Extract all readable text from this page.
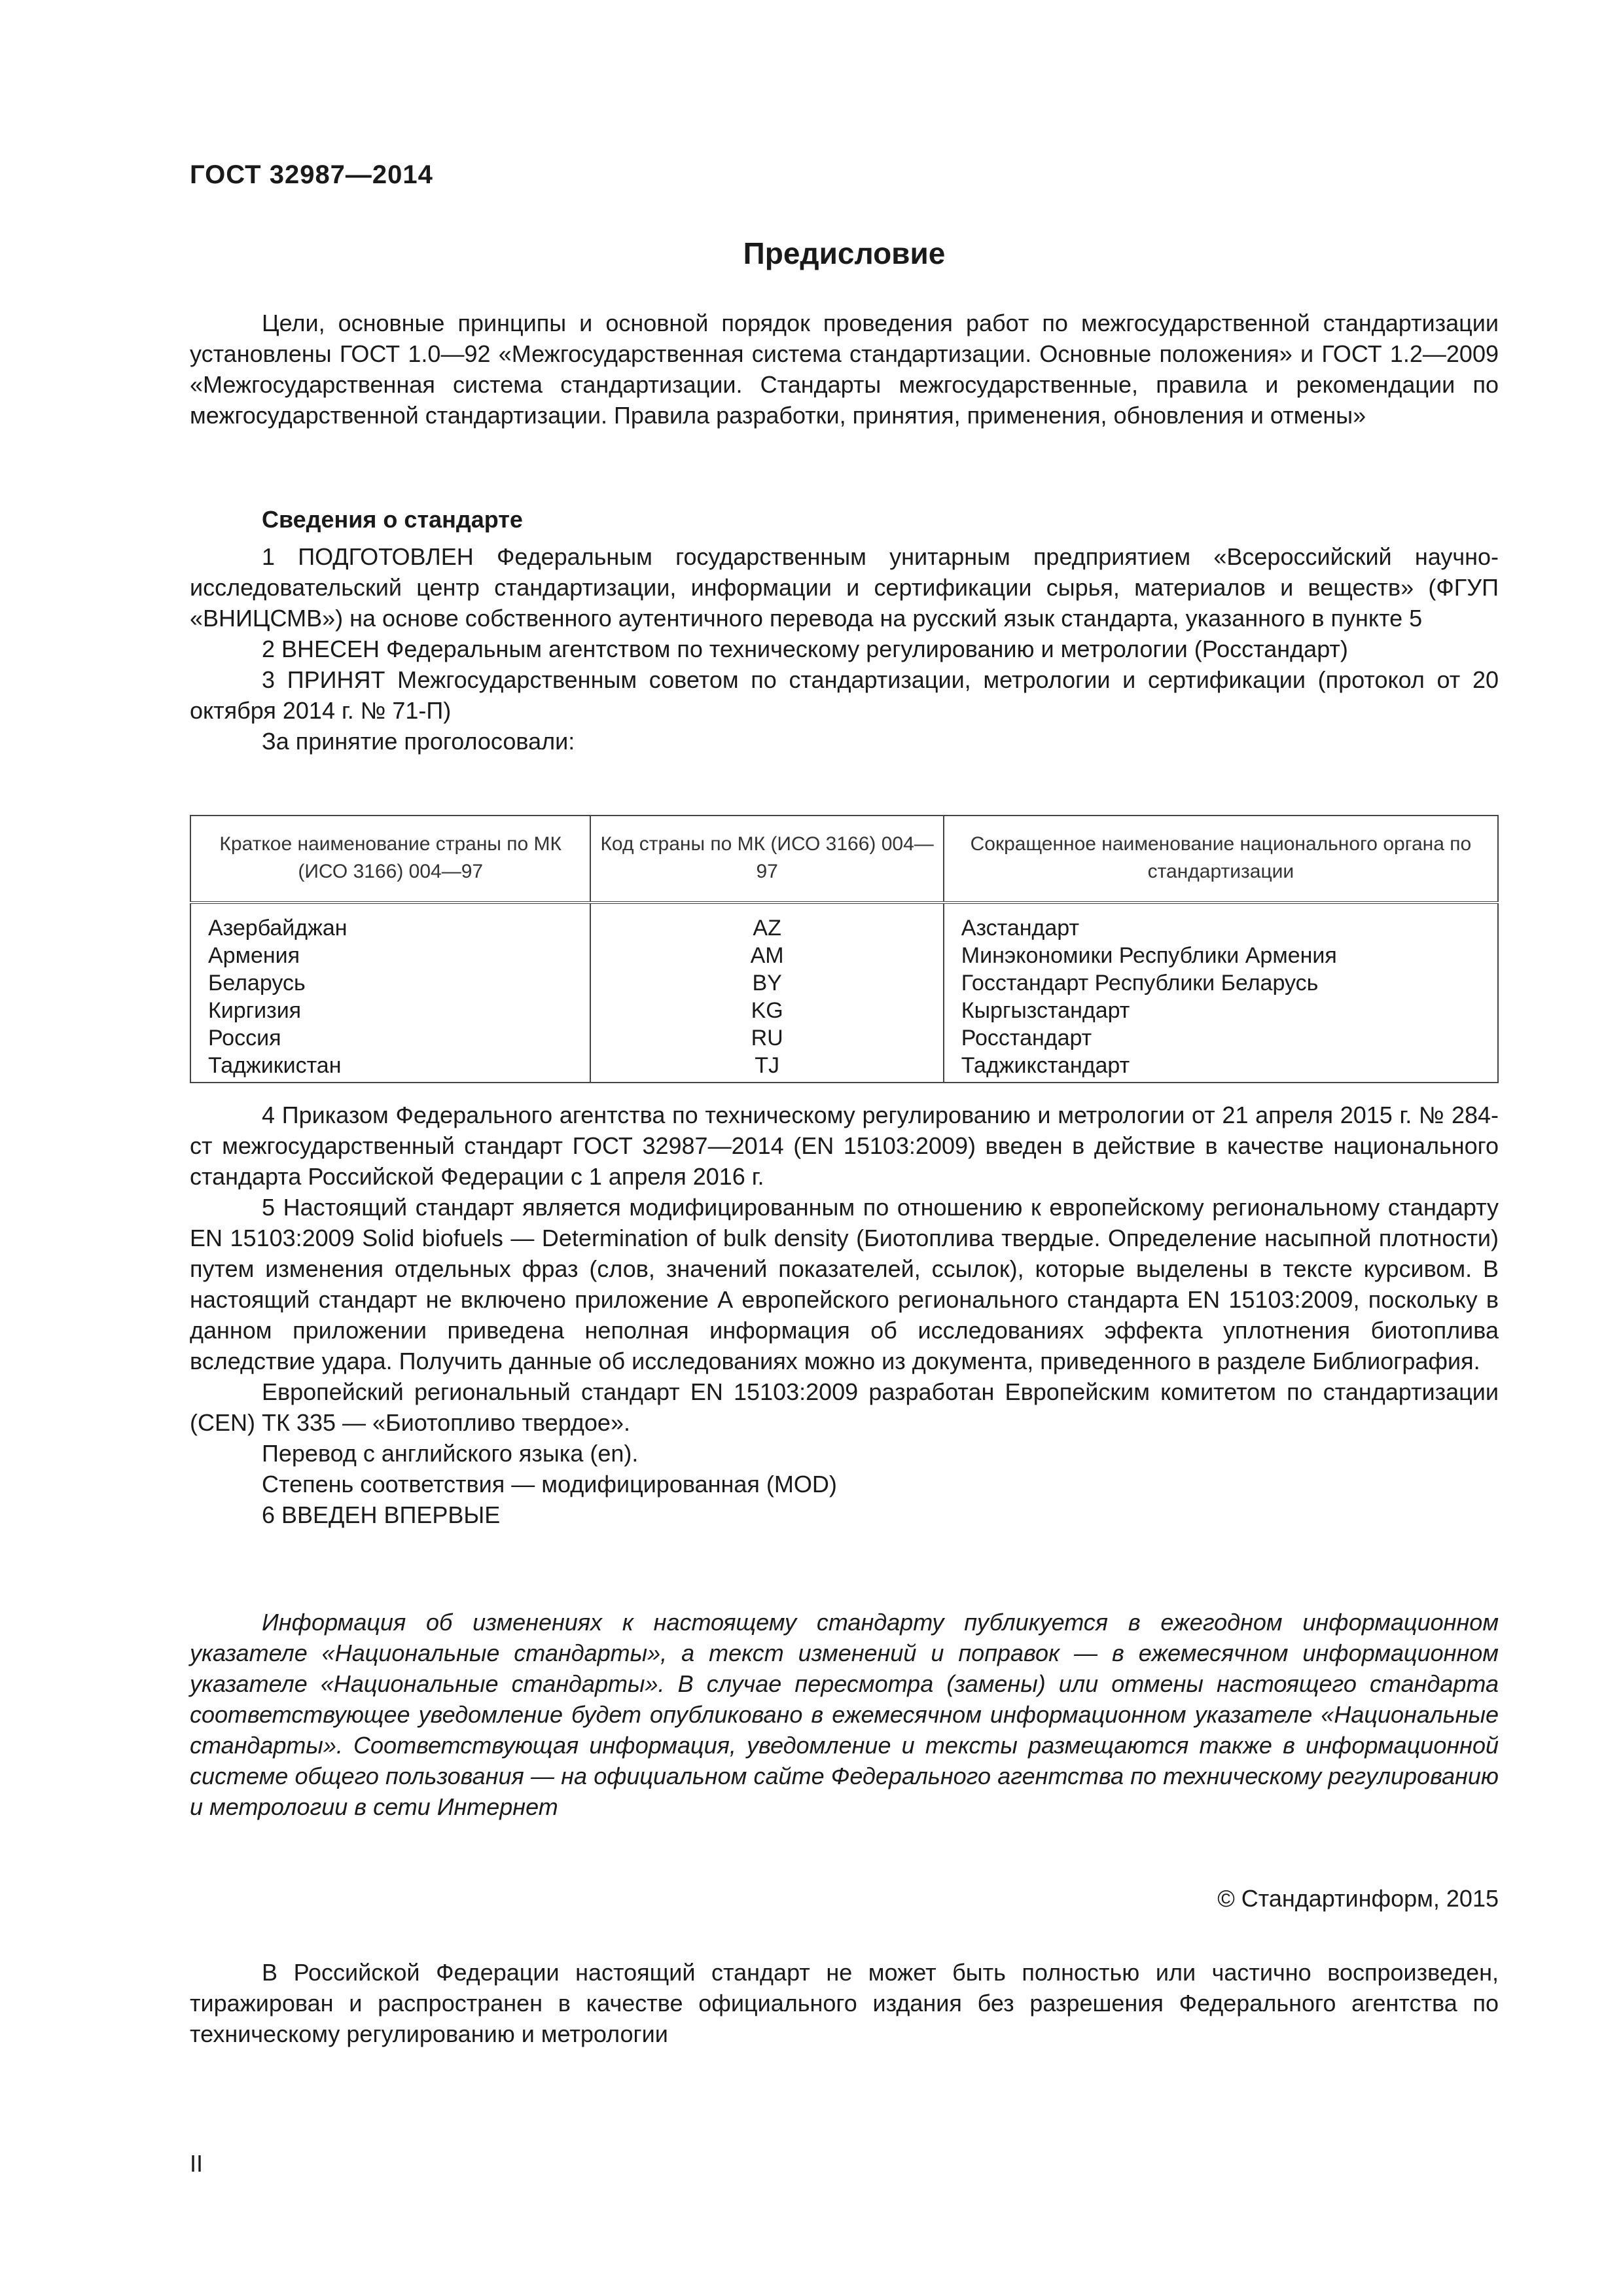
ГОСТ 32987—2014
Предисловие

Цели, основные принципы и основной порядок проведения работ по межгосударственной стандартизации установлены ГОСТ 1.0—92 «Межгосударственная система стандартизации. Основные положения» и ГОСТ 1.2—2009 «Межгосударственная система стандартизации. Стандарты межгосударственные, правила и рекомендации по межгосударственной стандартизации. Правила разработки, принятия, применения, обновления и отмены»

Сведения о стандарте

1 ПОДГОТОВЛЕН Федеральным государственным унитарным предприятием «Всероссийский научно-исследовательский центр стандартизации, информации и сертификации сырья, материалов и веществ» (ФГУП «ВНИЦСМВ») на основе собственного аутентичного перевода на русский язык стандарта, указанного в пункте 5

2 ВНЕСЕН Федеральным агентством по техническому регулированию и метрологии (Росстандарт)

3 ПРИНЯТ Межгосударственным советом по стандартизации, метрологии и сертификации (протокол от 20 октября 2014 г. № 71-П)

За принятие проголосовали:

Краткое наименование страны по МК (ИСО 3166) 004—97	Код страны по МК (ИСО 3166) 004—97	Сокращенное наименование национального органа по стандартизации
Азербайджан	AZ	Азстандарт
Армения	AM	Минэкономики Республики Армения
Беларусь	BY	Госстандарт Республики Беларусь
Киргизия	KG	Кыргызстандарт
Россия	RU	Росстандарт
Таджикистан	TJ	Таджикстандарт

4 Приказом Федерального агентства по техническому регулированию и метрологии от 21 апреля 2015 г. № 284-ст межгосударственный стандарт ГОСТ 32987—2014 (EN 15103:2009) введен в действие в качестве национального стандарта Российской Федерации с 1 апреля 2016 г.

5 Настоящий стандарт является модифицированным по отношению к европейскому региональному стандарту EN 15103:2009 Solid biofuels — Determination of bulk density (Биотоплива твердые. Определение насыпной плотности) путем изменения отдельных фраз (слов, значений показателей, ссылок), которые выделены в тексте курсивом. В настоящий стандарт не включено приложение А европейского регионального стандарта EN 15103:2009, поскольку в данном приложении приведена неполная информация об исследованиях эффекта уплотнения биотоплива вследствие удара. Получить данные об исследованиях можно из документа, приведенного в разделе Библиография.

Европейский региональный стандарт EN 15103:2009 разработан Европейским комитетом по стандартизации (CEN) ТК 335 — «Биотопливо твердое».

Перевод с английского языка (en).

Степень соответствия — модифицированная (MOD)

6 ВВЕДЕН ВПЕРВЫЕ

Информация об изменениях к настоящему стандарту публикуется в ежегодном информационном указателе «Национальные стандарты», а текст изменений и поправок — в ежемесячном информационном указателе «Национальные стандарты». В случае пересмотра (замены) или отмены настоящего стандарта соответствующее уведомление будет опубликовано в ежемесячном информационном указателе «Национальные стандарты». Соответствующая информация, уведомление и тексты размещаются также в информационной системе общего пользования — на официальном сайте Федерального агентства по техническому регулированию и метрологии в сети Интернет

© Стандартинформ, 2015

В Российской Федерации настоящий стандарт не может быть полностью или частично воспроизведен, тиражирован и распространен в качестве официального издания без разрешения Федерального агентства по техническому регулированию и метрологии

II
